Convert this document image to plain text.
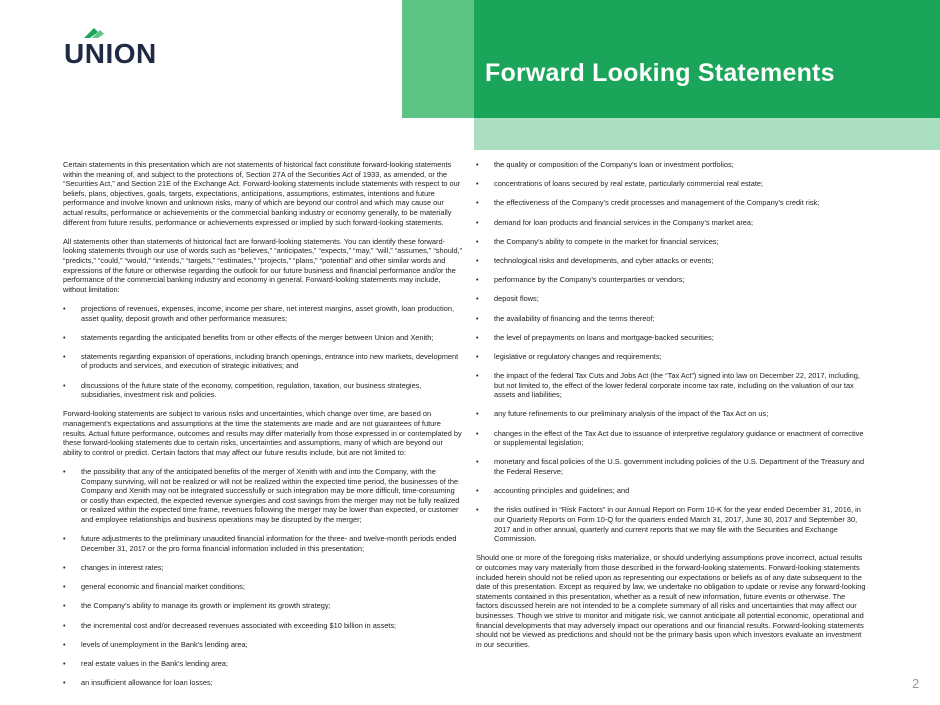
UNION
Forward Looking Statements

Certain statements in this presentation which are not statements of historical fact constitute forward-looking statements within the meaning of, and subject to the protections of, Section 27A of the Securities Act of 1933, as amended, or the “Securities Act,” and Section 21E of the Exchange Act. Forward-looking statements include statements with respect to our beliefs, plans, objectives, goals, targets, expectations, anticipations, assumptions, estimates, intentions and future performance and involve known and unknown risks, many of which are beyond our control and which may cause our actual results, performance or achievements or the commercial banking industry or economy generally, to be materially different from future results, performance or achievements expressed or implied by such forward-looking statements.

All statements other than statements of historical fact are forward-looking statements. You can identify these forward-looking statements through our use of words such as “believes,” “anticipates,” “expects,” “may,” “will,” “assumes,” “should,” “predicts,” “could,” “would,” “intends,” “targets,” “estimates,” “projects,” “plans,” “potential” and other similar words and expressions of the future or otherwise regarding the outlook for our future business and financial performance and/or the performance of the commercial banking industry and economy in general. Forward-looking statements may include, without limitation:

• projections of revenues, expenses, income, income per share, net interest margins, asset growth, loan production, asset quality, deposit growth and other performance measures;
• statements regarding the anticipated benefits from or other effects of the merger between Union and Xenith;
• statements regarding expansion of operations, including branch openings, entrance into new markets, development of products and services, and execution of strategic initiatives; and
• discussions of the future state of the economy, competition, regulation, taxation, our business strategies, subsidiaries, investment risk and policies.

Forward-looking statements are subject to various risks and uncertainties, which change over time, are based on management’s expectations and assumptions at the time the statements are made and are not guarantees of future results. Actual future performance, outcomes and results may differ materially from those expressed in or contemplated by these forward-looking statements due to certain risks, uncertainties and assumptions, many of which are beyond our ability to control or predict. Certain factors that may affect our future results include, but are not limited to:

• the possibility that any of the anticipated benefits of the merger of Xenith with and into the Company, with the Company surviving, will not be realized or will not be realized within the expected time period, the businesses of the Company and Xenith may not be integrated successfully or such integration may be more difficult, time-consuming or costly than expected, the expected revenue synergies and cost savings from the merger may not be fully realized or realized within the expected time frame, revenues following the merger may be lower than expected, or customer and employee relationships and business operations may be disrupted by the merger;
• future adjustments to the preliminary unaudited financial information for the three- and twelve-month periods ended December 31, 2017 or the pro forma financial information included in this presentation;
• changes in interest rates;
• general economic and financial market conditions;
• the Company’s ability to manage its growth or implement its growth strategy;
• the incremental cost and/or decreased revenues associated with exceeding $10 billion in assets;
• levels of unemployment in the Bank’s lending area;
• real estate values in the Bank’s lending area;
• an insufficient allowance for loan losses;
• the quality or composition of the Company’s loan or investment portfolios;
• concentrations of loans secured by real estate, particularly commercial real estate;
• the effectiveness of the Company’s credit processes and management of the Company’s credit risk;
• demand for loan products and financial services in the Company’s market area;
• the Company’s ability to compete in the market for financial services;
• technological risks and developments, and cyber attacks or events;
• performance by the Company’s counterparties or vendors;
• deposit flows;
• the availability of financing and the terms thereof;
• the level of prepayments on loans and mortgage-backed securities;
• legislative or regulatory changes and requirements;
• the impact of the federal Tax Cuts and Jobs Act (the “Tax Act”) signed into law on December 22, 2017, including, but not limited to, the effect of the lower federal corporate income tax rate, including on the valuation of our tax assets and liabilities;
• any future refinements to our preliminary analysis of the impact of the Tax Act on us;
• changes in the effect of the Tax Act due to issuance of interpretive regulatory guidance or enactment of corrective or supplemental legislation;
• monetary and fiscal policies of the U.S. government including policies of the U.S. Department of the Treasury and the Federal Reserve;
• accounting principles and guidelines; and
• the risks outlined in “Risk Factors” in our Annual Report on Form 10-K for the year ended December 31, 2016, in our Quarterly Reports on Form 10-Q for the quarters ended March 31, 2017, June 30, 2017 and September 30, 2017 and in other annual, quarterly and current reports that we may file with the Securities and Exchange Commission.

Should one or more of the foregoing risks materialize, or should underlying assumptions prove incorrect, actual results or outcomes may vary materially from those described in the forward-looking statements. Forward-looking statements included herein should not be relied upon as representing our expectations or beliefs as of any date subsequent to the date of this presentation. Except as required by law, we undertake no obligation to update or revise any forward-looking statements contained in this presentation, whether as a result of new information, future events or otherwise. The factors discussed herein are not intended to be a complete summary of all risks and uncertainties that may affect our businesses. Though we strive to monitor and mitigate risk, we cannot anticipate all potential economic, operational and financial developments that may adversely impact our operations and our financial results. Forward-looking statements should not be viewed as predictions and should not be the primary basis upon which investors evaluate an investment in our securities.

2
